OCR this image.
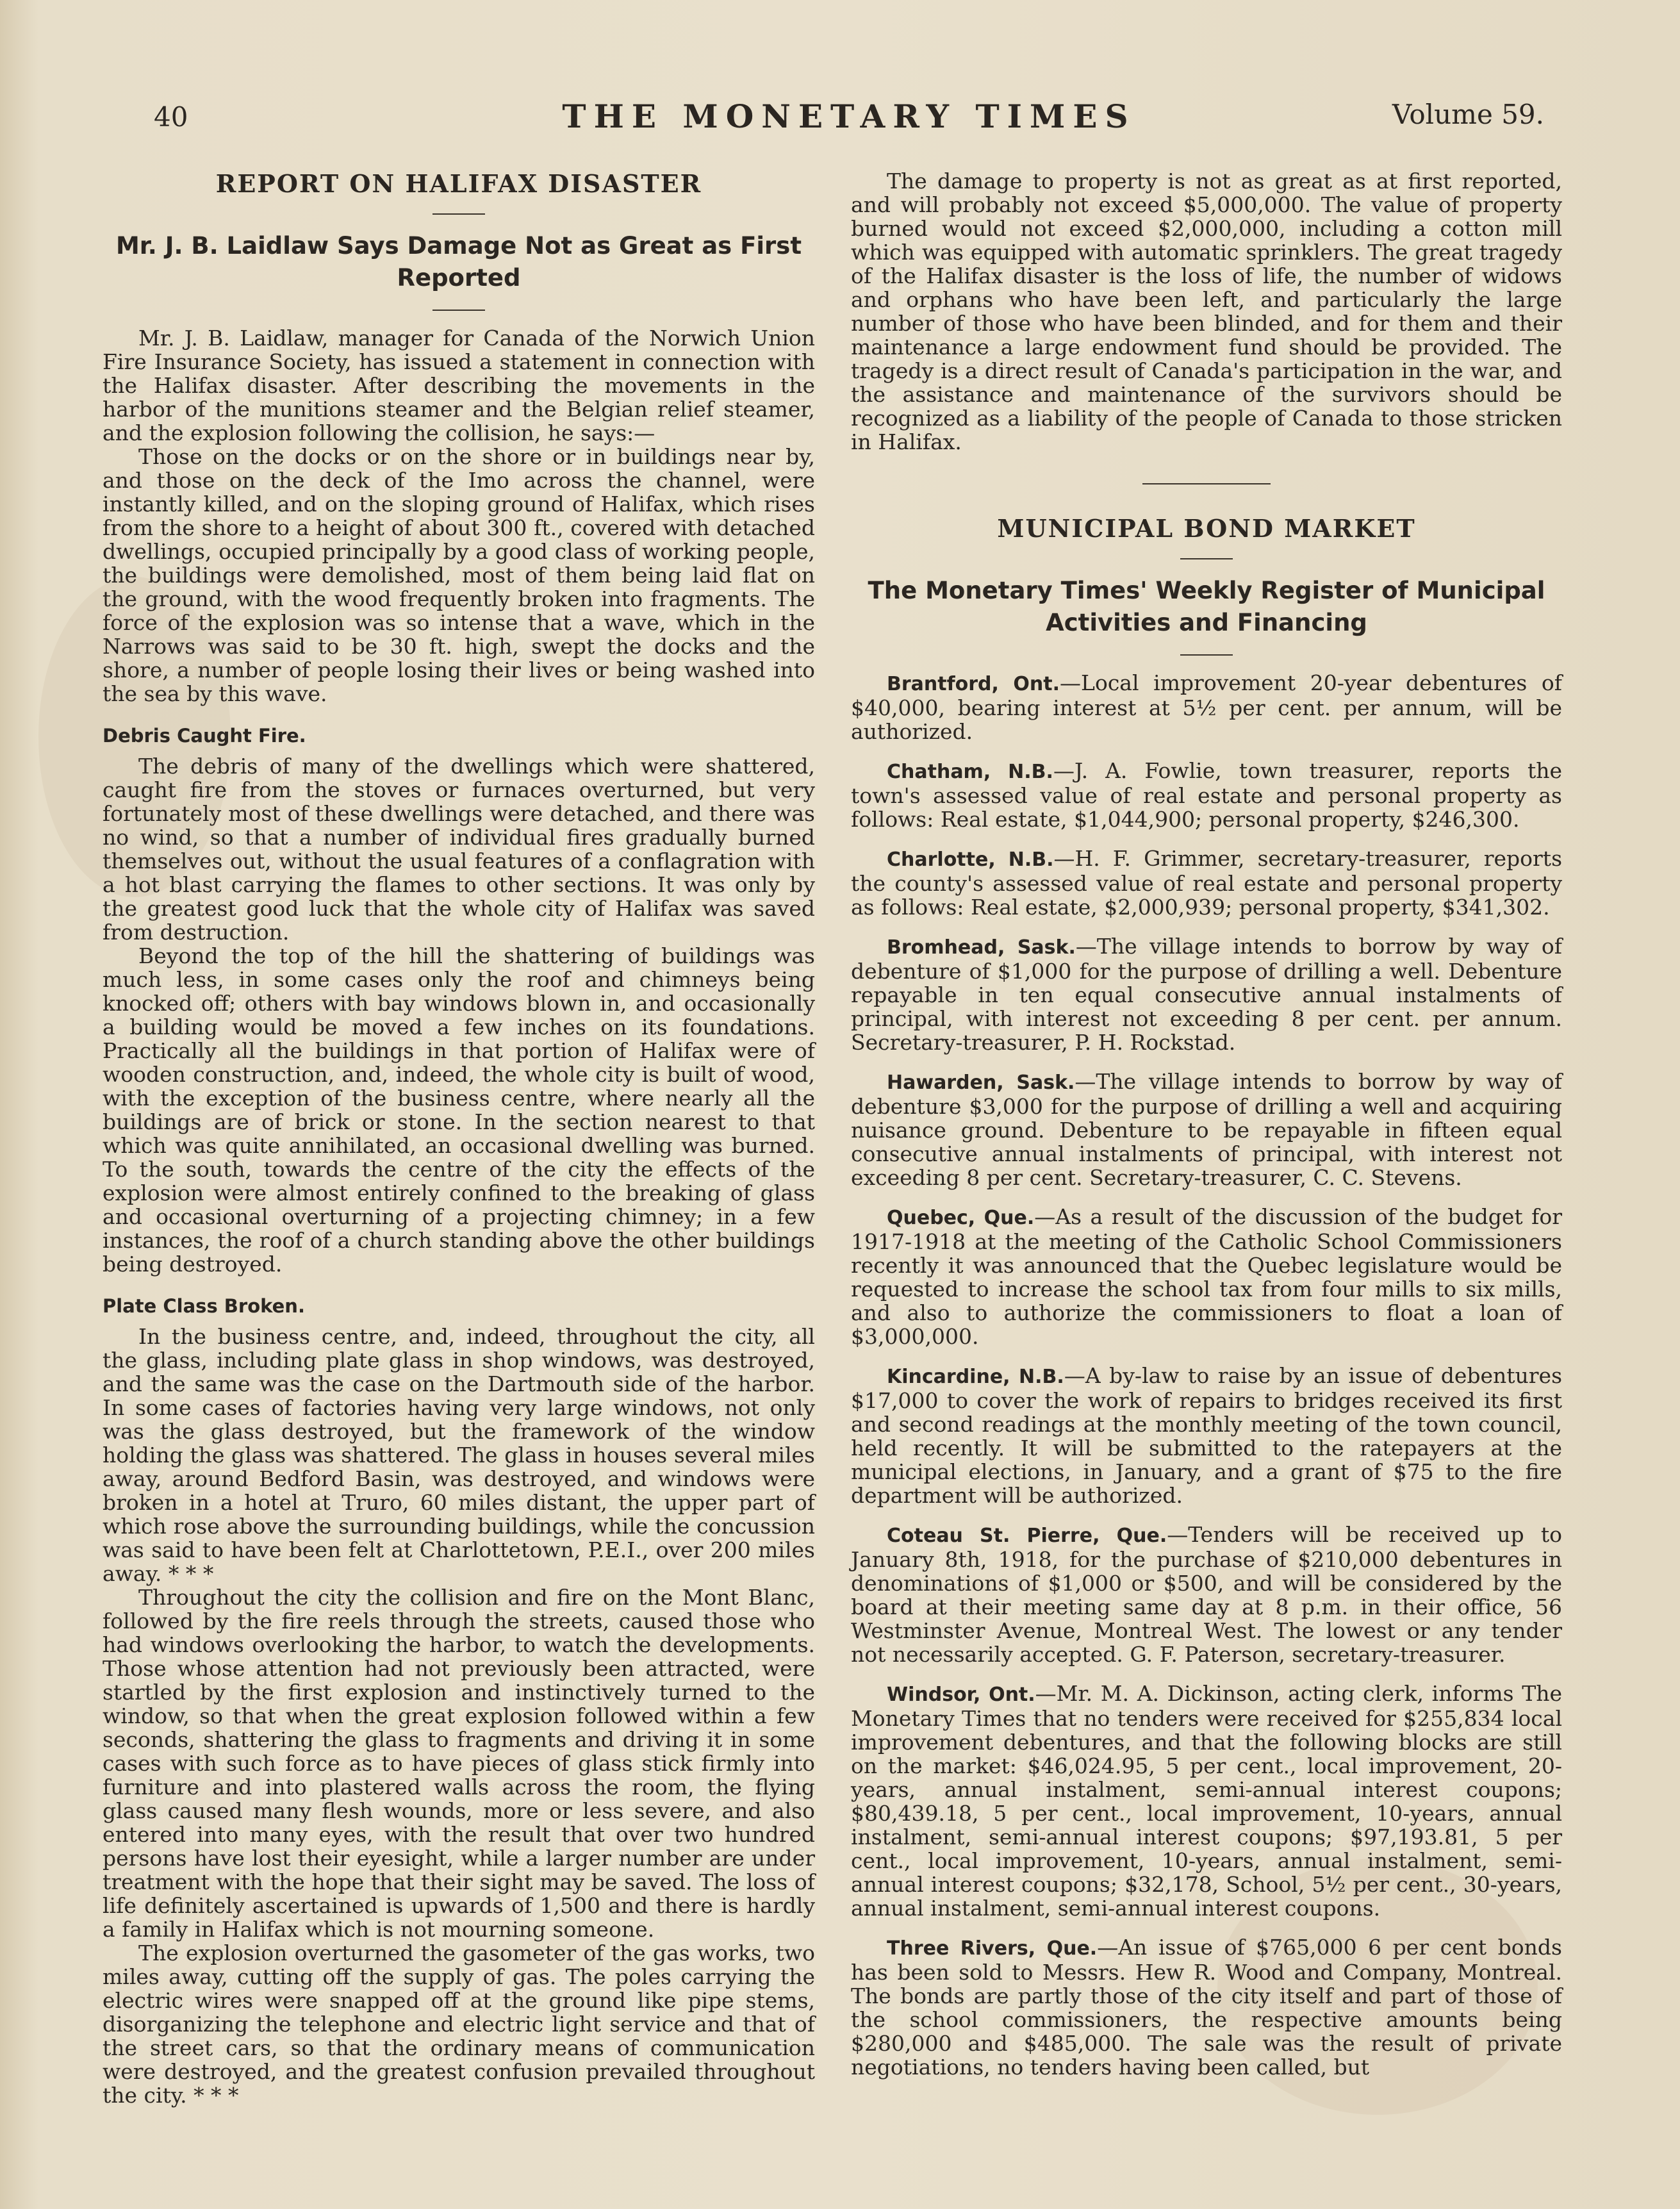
40	THE MONETARY TIMES	Volume 59.
REPORT ON HALIFAX DISASTER
Mr. J. B. Laidlaw Says Damage Not as Great as First Reported

Mr. J. B. Laidlaw, manager for Canada of the Norwich Union Fire Insurance Society, has issued a statement in connection with the Halifax disaster. After describing the movements in the harbor of the munitions steamer and the Belgian relief steamer, and the explosion following the collision, he says:—

Those on the docks or on the shore or in buildings near by, and those on the deck of the Imo across the channel, were instantly killed, and on the sloping ground of Halifax, which rises from the shore to a height of about 300 ft., covered with detached dwellings, occupied principally by a good class of working people, the buildings were demolished, most of them being laid flat on the ground, with the wood frequently broken into fragments. The force of the explosion was so intense that a wave, which in the Narrows was said to be 30 ft. high, swept the docks and the shore, a number of people losing their lives or being washed into the sea by this wave.

Debris Caught Fire.

The debris of many of the dwellings which were shattered, caught fire from the stoves or furnaces overturned, but very fortunately most of these dwellings were detached, and there was no wind, so that a number of individual fires gradually burned themselves out, without the usual features of a conflagration with a hot blast carrying the flames to other sections. It was only by the greatest good luck that the whole city of Halifax was saved from destruction.

Beyond the top of the hill the shattering of buildings was much less, in some cases only the roof and chimneys being knocked off; others with bay windows blown in, and occasionally a building would be moved a few inches on its foundations. Practically all the buildings in that portion of Halifax were of wooden construction, and, indeed, the whole city is built of wood, with the exception of the business centre, where nearly all the buildings are of brick or stone. In the section nearest to that which was quite annihilated, an occasional dwelling was burned. To the south, towards the centre of the city the effects of the explosion were almost entirely confined to the breaking of glass and occasional overturning of a projecting chimney; in a few instances, the roof of a church standing above the other buildings being destroyed.

Plate Class Broken.

In the business centre, and, indeed, throughout the city, all the glass, including plate glass in shop windows, was destroyed, and the same was the case on the Dartmouth side of the harbor. In some cases of factories having very large windows, not only was the glass destroyed, but the framework of the window holding the glass was shattered. The glass in houses several miles away, around Bedford Basin, was destroyed, and windows were broken in a hotel at Truro, 60 miles distant, the upper part of which rose above the surrounding buildings, while the concussion was said to have been felt at Charlottetown, P.E.I., over 200 miles away. * * *

Throughout the city the collision and fire on the Mont Blanc, followed by the fire reels through the streets, caused those who had windows overlooking the harbor, to watch the developments. Those whose attention had not previously been attracted, were startled by the first explosion and instinctively turned to the window, so that when the great explosion followed within a few seconds, shattering the glass to fragments and driving it in some cases with such force as to have pieces of glass stick firmly into furniture and into plastered walls across the room, the flying glass caused many flesh wounds, more or less severe, and also entered into many eyes, with the result that over two hundred persons have lost their eyesight, while a larger number are under treatment with the hope that their sight may be saved. The loss of life definitely ascertained is upwards of 1,500 and there is hardly a family in Halifax which is not mourning someone.

The explosion overturned the gasometer of the gas works, two miles away, cutting off the supply of gas. The poles carrying the electric wires were snapped off at the ground like pipe stems, disorganizing the telephone and electric light service and that of the street cars, so that the ordinary means of communication were destroyed, and the greatest confusion prevailed throughout the city. * * *

The damage to property is not as great as at first reported, and will probably not exceed $5,000,000. The value of property burned would not exceed $2,000,000, including a cotton mill which was equipped with automatic sprinklers. The great tragedy of the Halifax disaster is the loss of life, the number of widows and orphans who have been left, and particularly the large number of those who have been blinded, and for them and their maintenance a large endowment fund should be provided. The tragedy is a direct result of Canada's participation in the war, and the assistance and maintenance of the survivors should be recognized as a liability of the people of Canada to those stricken in Halifax.

MUNICIPAL BOND MARKET
The Monetary Times' Weekly Register of Municipal Activities and Financing

Brantford, Ont.—Local improvement 20-year debentures of $40,000, bearing interest at 5½ per cent. per annum, will be authorized.

Chatham, N.B.—J. A. Fowlie, town treasurer, reports the town's assessed value of real estate and personal property as follows: Real estate, $1,044,900; personal property, $246,300.

Charlotte, N.B.—H. F. Grimmer, secretary-treasurer, reports the county's assessed value of real estate and personal property as follows: Real estate, $2,000,939; personal property, $341,302.

Bromhead, Sask.—The village intends to borrow by way of debenture of $1,000 for the purpose of drilling a well. Debenture repayable in ten equal consecutive annual instalments of principal, with interest not exceeding 8 per cent. per annum. Secretary-treasurer, P. H. Rockstad.

Hawarden, Sask.—The village intends to borrow by way of debenture $3,000 for the purpose of drilling a well and acquiring nuisance ground. Debenture to be repayable in fifteen equal consecutive annual instalments of principal, with interest not exceeding 8 per cent. Secretary-treasurer, C. C. Stevens.

Quebec, Que.—As a result of the discussion of the budget for 1917-1918 at the meeting of the Catholic School Commissioners recently it was announced that the Quebec legislature would be requested to increase the school tax from four mills to six mills, and also to authorize the commissioners to float a loan of $3,000,000.

Kincardine, N.B.—A by-law to raise by an issue of debentures $17,000 to cover the work of repairs to bridges received its first and second readings at the monthly meeting of the town council, held recently. It will be submitted to the ratepayers at the municipal elections, in January, and a grant of $75 to the fire department will be authorized.

Coteau St. Pierre, Que.—Tenders will be received up to January 8th, 1918, for the purchase of $210,000 debentures in denominations of $1,000 or $500, and will be considered by the board at their meeting same day at 8 p.m. in their office, 56 Westminster Avenue, Montreal West. The lowest or any tender not necessarily accepted. G. F. Paterson, secretary-treasurer.

Windsor, Ont.—Mr. M. A. Dickinson, acting clerk, informs The Monetary Times that no tenders were received for $255,834 local improvement debentures, and that the following blocks are still on the market: $46,024.95, 5 per cent., local improvement, 20-years, annual instalment, semi-annual interest coupons; $80,439.18, 5 per cent., local improvement, 10-years, annual instalment, semi-annual interest coupons; $97,193.81, 5 per cent., local improvement, 10-years, annual instalment, semi-annual interest coupons; $32,178, School, 5½ per cent., 30-years, annual instalment, semi-annual interest coupons.

Three Rivers, Que.—An issue of $765,000 6 per cent bonds has been sold to Messrs. Hew R. Wood and Company, Montreal. The bonds are partly those of the city itself and part of those of the school commissioners, the respective amounts being $280,000 and $485,000. The sale was the result of private negotiations, no tenders having been called, but
